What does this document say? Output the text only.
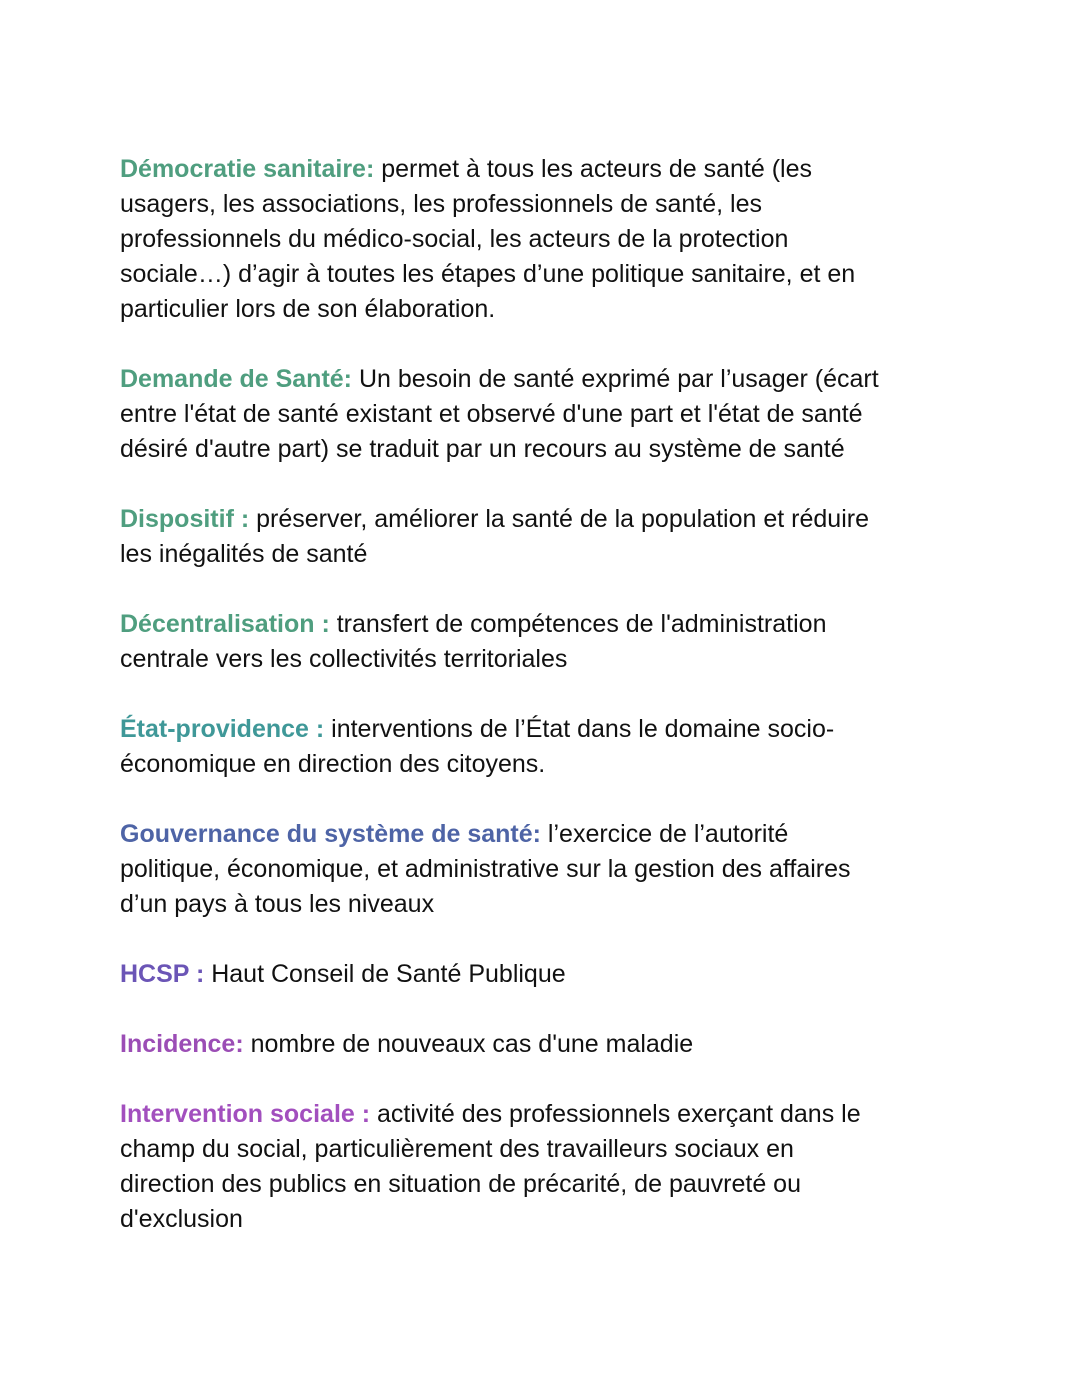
Démocratie sanitaire: permet à tous les acteurs de santé (les usagers, les associations, les professionnels de santé, les professionnels du médico-social, les acteurs de la protection sociale…) d’agir à toutes les étapes d’une politique sanitaire, et en particulier lors de son élaboration.

Demande de Santé: Un besoin de santé exprimé par l’usager (écart entre l'état de santé existant et observé d'une part et l'état de santé désiré d'autre part) se traduit par un recours au système de santé

Dispositif : préserver, améliorer la santé de la population et réduire les inégalités de santé

Décentralisation : transfert de compétences de l'administration centrale vers les collectivités territoriales

État-providence : interventions de l’État dans le domaine socio-économique en direction des citoyens.

Gouvernance du système de santé: l’exercice de l’autorité politique, économique, et administrative sur la gestion des affaires d’un pays à tous les niveaux

HCSP : Haut Conseil de Santé Publique

Incidence: nombre de nouveaux cas d'une maladie

Intervention sociale : activité des professionnels exerçant dans le champ du social, particulièrement des travailleurs sociaux en direction des publics en situation de précarité, de pauvreté ou d'exclusion
